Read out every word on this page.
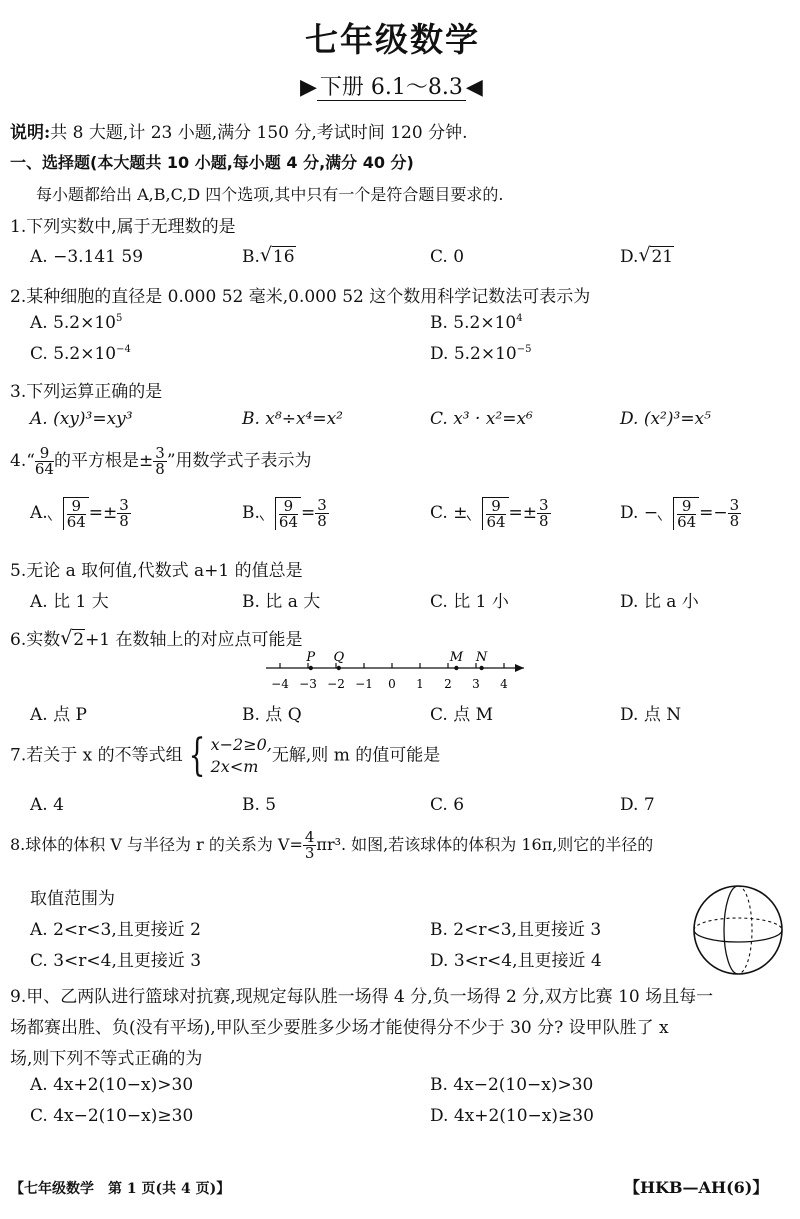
七年级数学
▶ 下册 6.1～8.3 ◀
说明:共 8 大题,计 23 小题,满分 150 分,考试时间 120 分钟.
一、选择题(本大题共 10 小题,每小题 4 分,满分 40 分)
每小题都给出 A,B,C,D 四个选项,其中只有一个是符合题目要求的.
1.下列实数中,属于无理数的是
A. −3.141 59	B. √ 16	C. 0	D. √ 21
2.某种细胞的直径是 0.000 52 毫米,0.000 52 这个数用科学记数法可表示为
A. $5.2\times 10^5$	B. $5.2\times 10^4$
C. $5.2\times 10^{-4}$	D. $5.2\times 10^{-5}$
3.下列运算正确的是
A. (xy)³=xy³	B. x⁸÷x⁴=x²	C. x³ · x²=x⁶	D. (x²)³=x⁵
4.“ $\frac{9}{64}$ 的平方根是± $\frac{3}{8}$ ”用数学式子表示为
A. $\frac{9}{64} =\pm \frac{3}{8}$	B. $\frac{9}{64} = \frac{3}{8}$	C. ± $\frac{9}{64} =\pm \frac{3}{8}$	D. − $\frac{9}{64} =- \frac{3}{8}$
5.无论 a 取何值,代数式 a+1 的值总是
A. 比 1 大	B. 比 a 大	C. 比 1 小	D. 比 a 小
6.实数 √ 2+1 在数轴上的对应点可能是
−4 −3 −2 −1 0 1 2 3 4
P Q	M N
A. 点 P	B. 点 Q	C. 点 M	D. 点 N
7.若关于 x 的不等式组 { x−2≥0,
2x<m
无解,则 m 的值可能是
A. 4	B. 5	C. 6	D. 7
8.球体的体积 V 与半径为 r 的关系为 $V= \frac{4}{3} \pi r^3$. 如图,若该球体的体积为 16π,则它的半径的
取值范围为
A. 2<r<3,且更接近 2	B. 2<r<3,且更接近 3
C. 3<r<4,且更接近 3	D. 3<r<4,且更接近 4
9.甲、乙两队进行篮球对抗赛,现规定每队胜一场得 4 分,负一场得 2 分,双方比赛 10 场且每一
场都赛出胜、负(没有平场),甲队至少要胜多少场才能使得分不少于 30 分? 设甲队胜了 x
场,则下列不等式正确的为
A. 4x+2(10−x)>30	B. 4x−2(10−x)>30
C. 4x−2(10−x)≥30	D. 4x+2(10−x)≥30
【七年级数学　第 1 页(共 4 页)】	【HKB—AH(6)】
